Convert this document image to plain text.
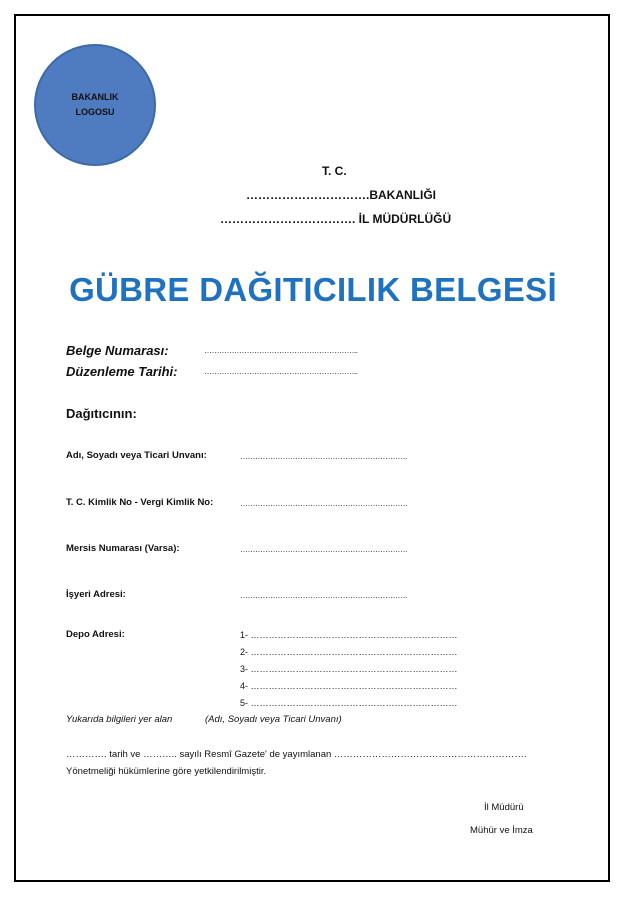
BAKANLIK
LOGOSU
T. C.
………………………….BAKANLIĞI
……………………………. İL MÜDÜRLÜĞÜ
GÜBRE DAĞITICILIK BELGESİ
Belge Numarası:	……………………………………………………..
Düzenleme Tarihi:	……………………………………………………..
Dağıtıcının:
Adı, Soyadı veya Ticari Unvanı:	………………………………………………………….
T. C. Kimlik No - Vergi Kimlik No:	………………………………………………………….
Mersis Numarası (Varsa):	………………………………………………………….
İşyeri Adresi:	………………………………………………………….
Depo Adresi:	1- ……………………………………………………………
2- ……………………………………………………………
3- ……………………………………………………………
4- ……………………………………………………………
5- ……………………………………………………………
Yukarıda bilgileri yer alan	(Adı, Soyadı veya Ticari Unvanı)
…………. tarih ve ……….. sayılı Resmî Gazete' de yayımlanan …………………………………………………….
Yönetmeliği hükümlerine göre yetkilendirilmiştir.
İl Müdürü
Mühür ve İmza
